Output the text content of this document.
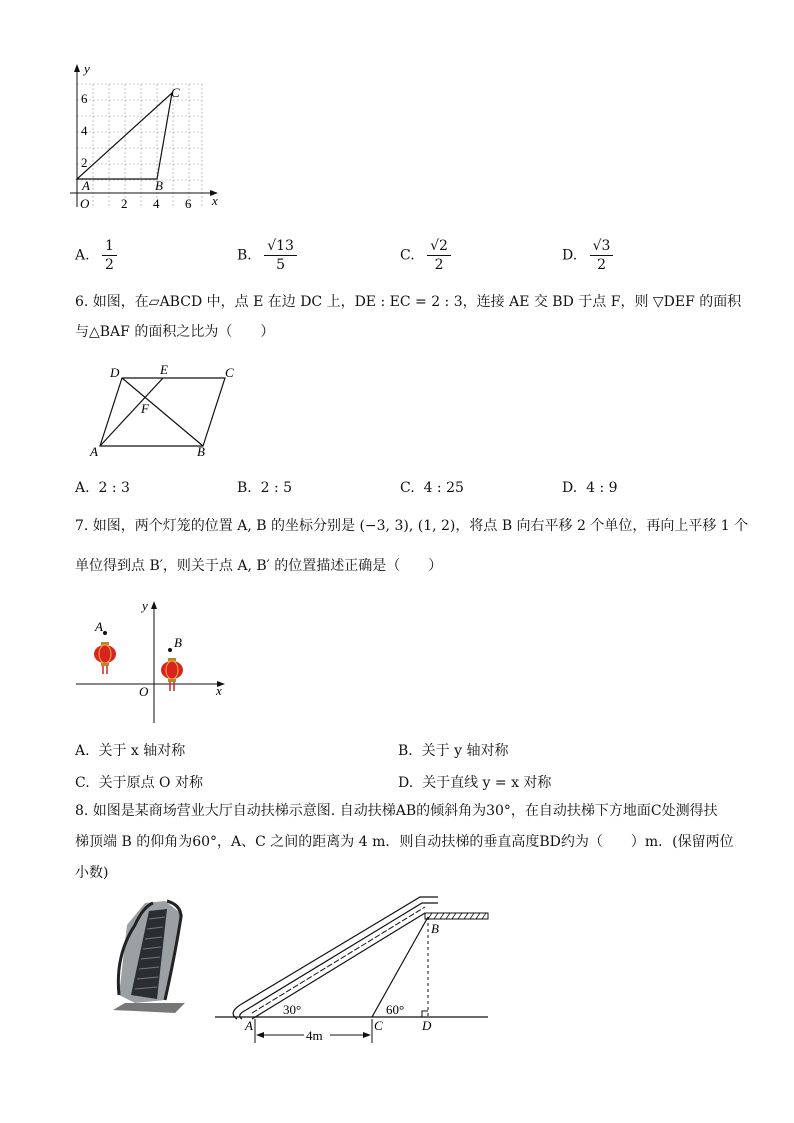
y
x
O
6
4
2
2 4 6
A	B
C
A. $\frac{1}{2}$	B. $\frac{√13}{5}$	C. $\frac{√2}{2}$	D. $\frac{√3}{2}$
6. 如图，在▱ABCD 中，点 E 在边 DC 上，DE : EC = 2 : 3，连接 AE 交 BD 于点 F，则 ▽DEF 的面积
与△BAF 的面积之比为（　　）
D	E	C
F
A	B
A. 2 : 3	B. 2 : 5	C. 4 : 25	D. 4 : 9
7. 如图，两个灯笼的位置 A, B 的坐标分别是 (−3, 3), (1, 2)，将点 B 向右平移 2 个单位，再向上平移 1 个
单位得到点 B′，则关于点 A, B′ 的位置描述正确是（　　）
y
x
O
A
B
A. 关于 x 轴对称	B. 关于 y 轴对称
C. 关于原点 O 对称	D. 关于直线 y = x 对称
8. 如图是某商场营业大厅自动扶梯示意图. 自动扶梯AB的倾斜角为30°，在自动扶梯下方地面C处测得扶
梯顶端 B 的仰角为60°，A、C 之间的距离为 4 m．则自动扶梯的垂直高度BD约为（　　）m．(保留两位
小数)
A	C	D
B
30°	60°
4m
